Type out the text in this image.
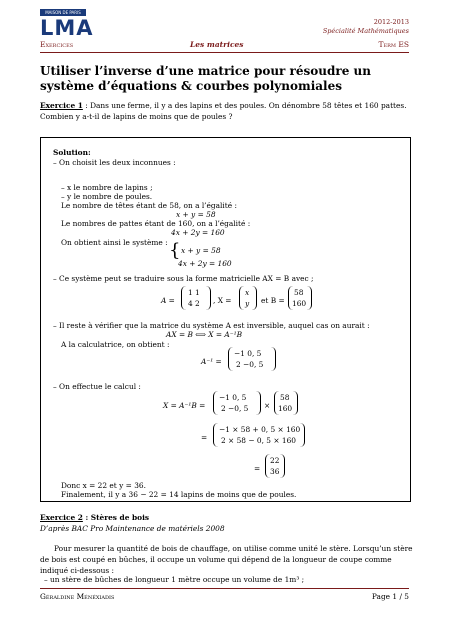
MAISON DE PARIS
LMA	2012-2013
Spécialité Mathématiques
Exercices	Les matrices	Term ES
Utiliser l’inverse d’une matrice pour résoudre un système d’équations & courbes polynomiales
Exercice 1 : Dans une ferme, il y a des lapins et des poules. On dénombre 58 têtes et 160 pattes. Combien y a-t-il de lapins de moins que de poules ?
Solution:
– On choisit les deux inconnues :
– x le nombre de lapins ;
– y le nombre de poules.
Le nombre de têtes étant de 58, on a l’égalité :
x + y = 58
Le nombres de pattes étant de 160, on a l’égalité :
4x + 2y = 160
On obtient ainsi le système : { x + y = 58
4x + 2y = 160
– Ce système peut se traduire sous la forme matricielle AX = B avec ;
A =
1 1
4 2 , X =
x
y et B =
58
160
– Il reste à vérifier que la matrice du système A est inversible, auquel cas on aurait :
AX = B ⟺ X = A⁻¹B
A la calculatrice, on obtient :
A⁻¹ =
−1 0, 5
2 −0, 5
– On effectue le calcul :
X = A⁻¹B =
−1 0, 5
2 −0, 5 ×
58
160
=
−1 × 58 + 0, 5 × 160
2 × 58 − 0, 5 × 160
=
22
36
Donc x = 22 et y = 36.
Finalement, il y a 36 − 22 = 14 lapins de moins que de poules.
Exercice 2 : Stères de bois
D’après BAC Pro Maintenance de matériels 2008
Pour mesurer la quantité de bois de chauffage, on utilise comme unité le stère. Lorsqu’un stère de bois est coupé en bûches, il occupe un volume qui dépend de la longueur de coupe comme indiqué ci-dessous :
– un stère de bûches de longueur 1 mètre occupe un volume de 1m³ ;
Géraldine Ménéxiadis	Page 1 / 5
